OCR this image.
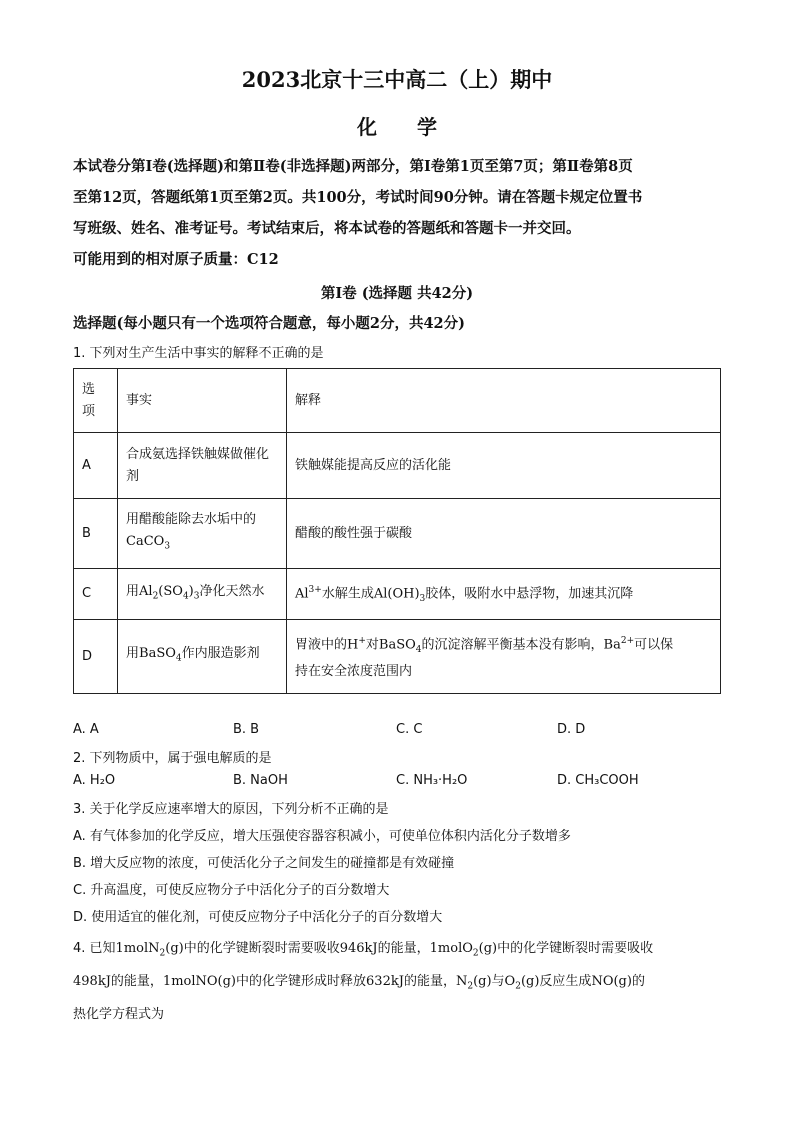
2023北京十三中高二（上）期中
化　　学
本试卷分第Ⅰ卷(选择题)和第Ⅱ卷(非选择题)两部分，第Ⅰ卷第1页至第7页；第Ⅱ卷第8页
至第12页，答题纸第1页至第2页。共100分，考试时间90分钟。请在答题卡规定位置书
写班级、姓名、准考证号。考试结束后，将本试卷的答题纸和答题卡一并交回。
可能用到的相对原子质量：C12
第Ⅰ卷 (选择题 共42分)
选择题(每小题只有一个选项符合题意，每小题2分，共42分)
1. 下列对生产生活中事实的解释不正确的是
选
项	事实	解释
A	合成氨选择铁触媒做催化
剂	铁触媒能提高反应的活化能
B	用醋酸能除去水垢中的
CaCO$_3$	醋酸的酸性强于碳酸
C	用$Al_2(SO_4)_3$净化天然水	$Al^{3+}$水解生成$Al(OH)_3$胶体，吸附水中悬浮物，加速其沉降
D	用BaSO$_4$作内服造影剂	胃液中的H+对BaSO$_4$的沉淀溶解平衡基本没有影响，$Ba^{2+}$可以保
持在安全浓度范围内
A. A	B. B	C. C	D. D
2. 下列物质中，属于强电解质的是
A. H₂O	B. NaOH	C. NH₃·H₂O	D. CH₃COOH
3. 关于化学反应速率增大的原因，下列分析不正确的是
A. 有气体参加的化学反应，增大压强使容器容积减小，可使单位体积内活化分子数增多
B. 增大反应物的浓度，可使活化分子之间发生的碰撞都是有效碰撞
C. 升高温度，可使反应物分子中活化分子的百分数增大
D. 使用适宜的催化剂，可使反应物分子中活化分子的百分数增大
4. 已知1molN$_2$(g)中的化学键断裂时需要吸收946kJ的能量，1molO$_2$(g)中的化学键断裂时需要吸收
498kJ的能量，1molNO(g)中的化学键形成时释放632kJ的能量，$N_2(g)$与$O_2(g)$反应生成NO(g)的
热化学方程式为
